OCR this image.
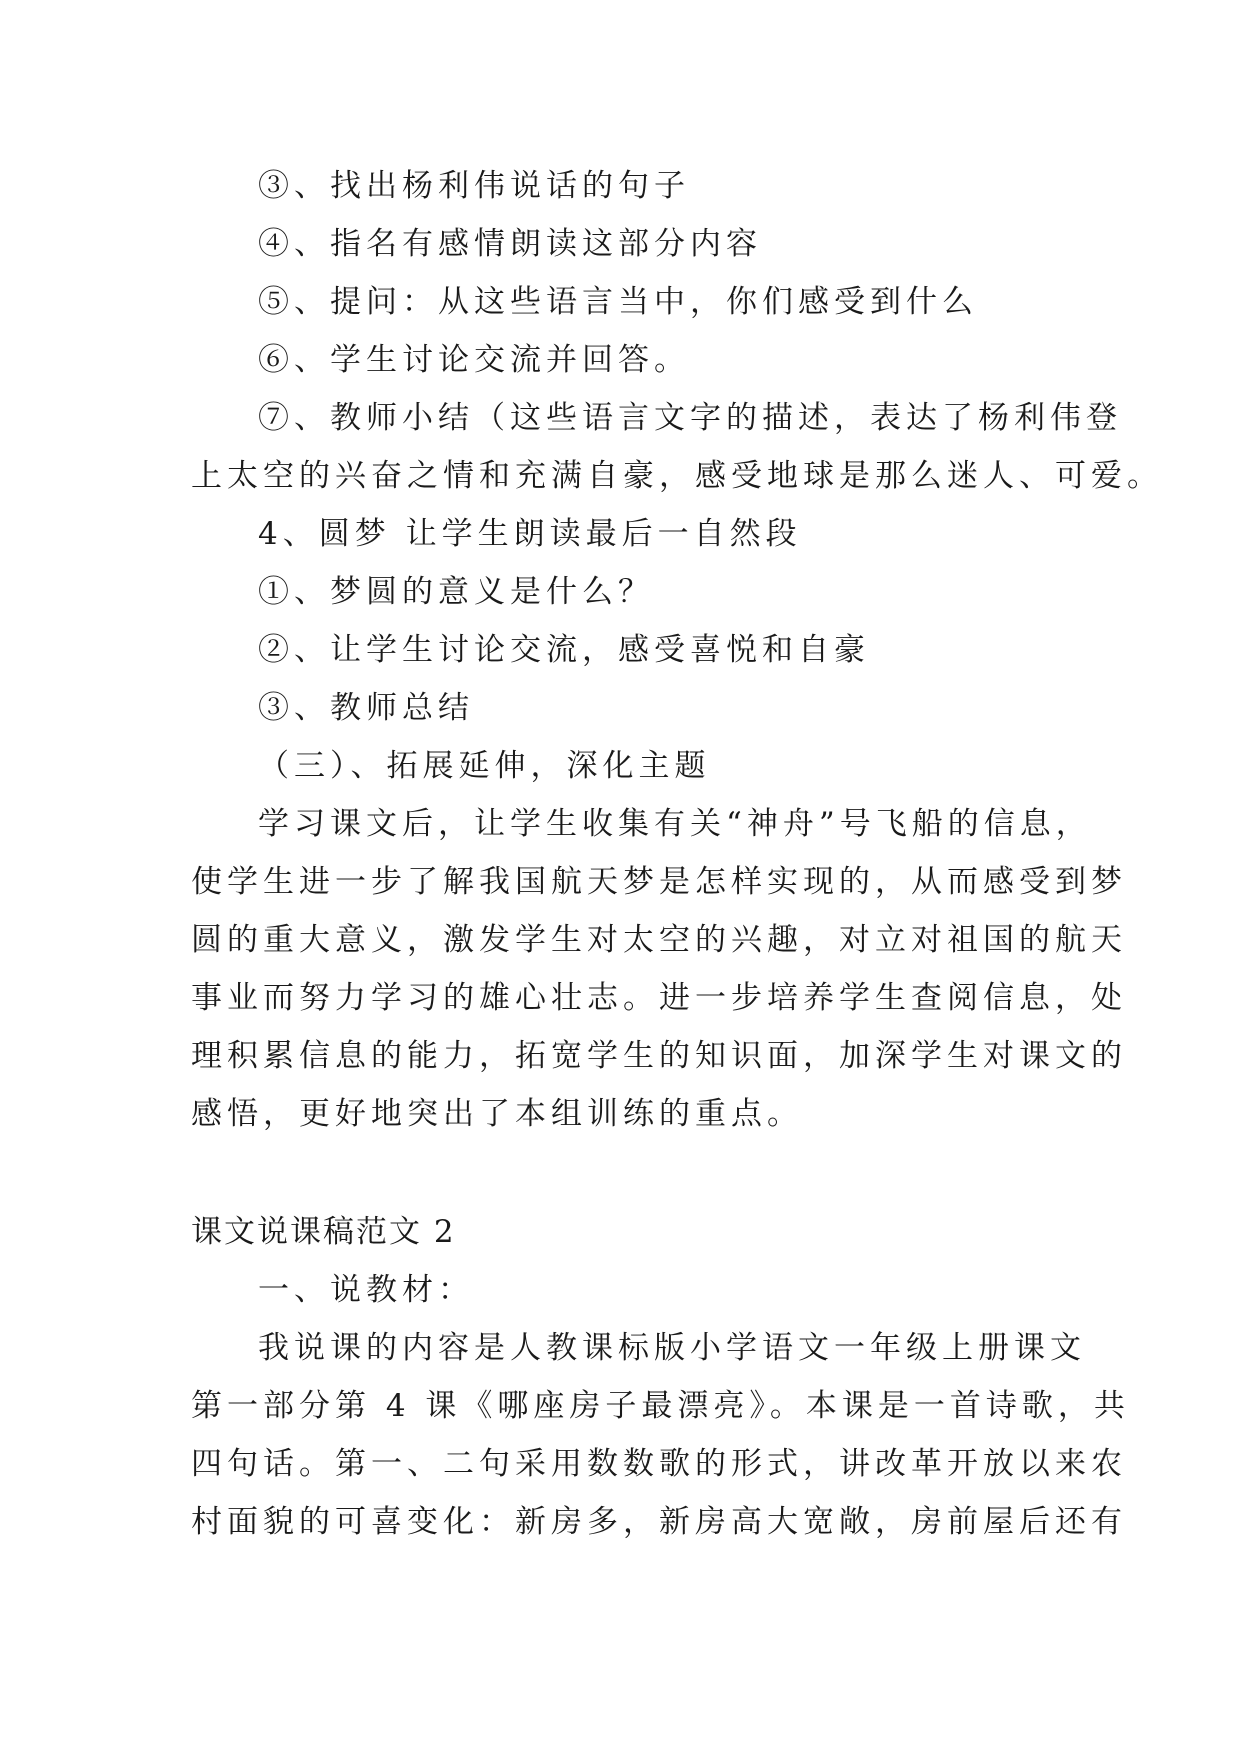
③、找出杨利伟说话的句子
④、指名有感情朗读这部分内容
⑤、提问：从这些语言当中，你们感受到什么
⑥、学生讨论交流并回答。
⑦、教师小结（这些语言文字的描述，表达了杨利伟登
上太空的兴奋之情和充满自豪，感受地球是那么迷人、可爱。
4、圆梦 让学生朗读最后一自然段
①、梦圆的意义是什么？
②、让学生讨论交流，感受喜悦和自豪
③、教师总结
（三）、拓展延伸，深化主题
学习课文后，让学生收集有关“神舟”号飞船的信息，
使学生进一步了解我国航天梦是怎样实现的，从而感受到梦
圆的重大意义，激发学生对太空的兴趣，对立对祖国的航天
事业而努力学习的雄心壮志。进一步培养学生查阅信息，处
理积累信息的能力，拓宽学生的知识面，加深学生对课文的
感悟，更好地突出了本组训练的重点。
课文说课稿范文 2
一、说教材：
我说课的内容是人教课标版小学语文一年级上册课文
第一部分第 4 课《哪座房子最漂亮》。本课是一首诗歌，共
四句话。第一、二句采用数数歌的形式，讲改革开放以来农
村面貌的可喜变化：新房多，新房高大宽敞，房前屋后还有
